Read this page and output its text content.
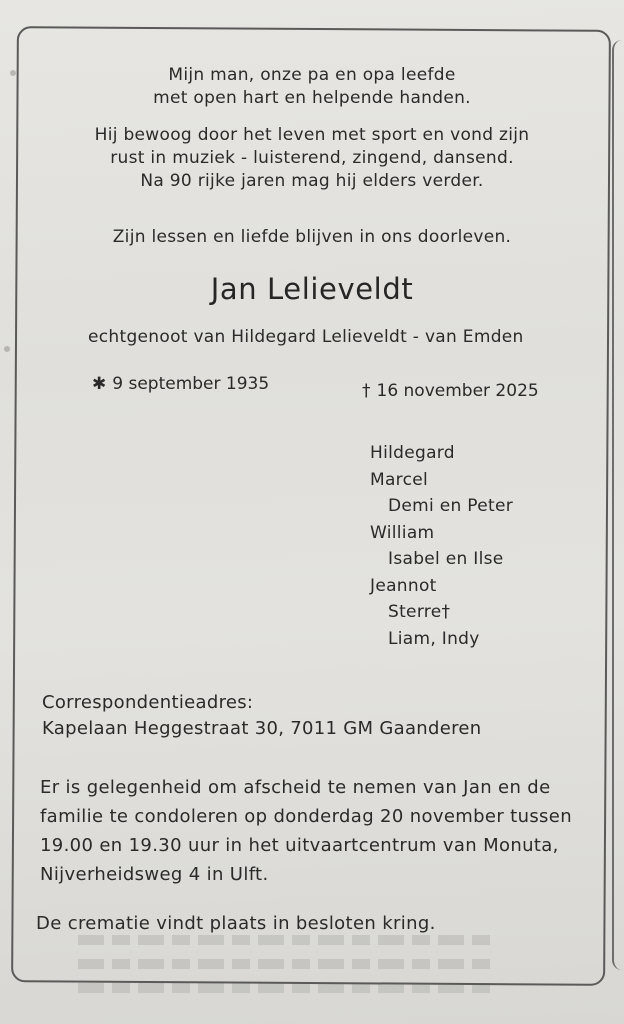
Mijn man, onze pa en opa leefde
met open hart en helpende handen.
Hij bewoog door het leven met sport en vond zijn
rust in muziek - luisterend, zingend, dansend.
Na 90 rijke jaren mag hij elders verder.
Zijn lessen en liefde blijven in ons doorleven.
Jan Lelieveldt
echtgenoot van Hildegard Lelieveldt - van Emden
✱ 9 september 1935	† 16 november 2025
Hildegard
Marcel
Demi en Peter
William
Isabel en Ilse
Jeannot
Sterre†
Liam, Indy
Correspondentieadres:
Kapelaan Heggestraat 30, 7011 GM Gaanderen
Er is gelegenheid om afscheid te nemen van Jan en de
familie te condoleren op donderdag 20 november tussen
19.00 en 19.30 uur in het uitvaartcentrum van Monuta,
Nijverheidsweg 4 in Ulft.
De crematie vindt plaats in besloten kring.
